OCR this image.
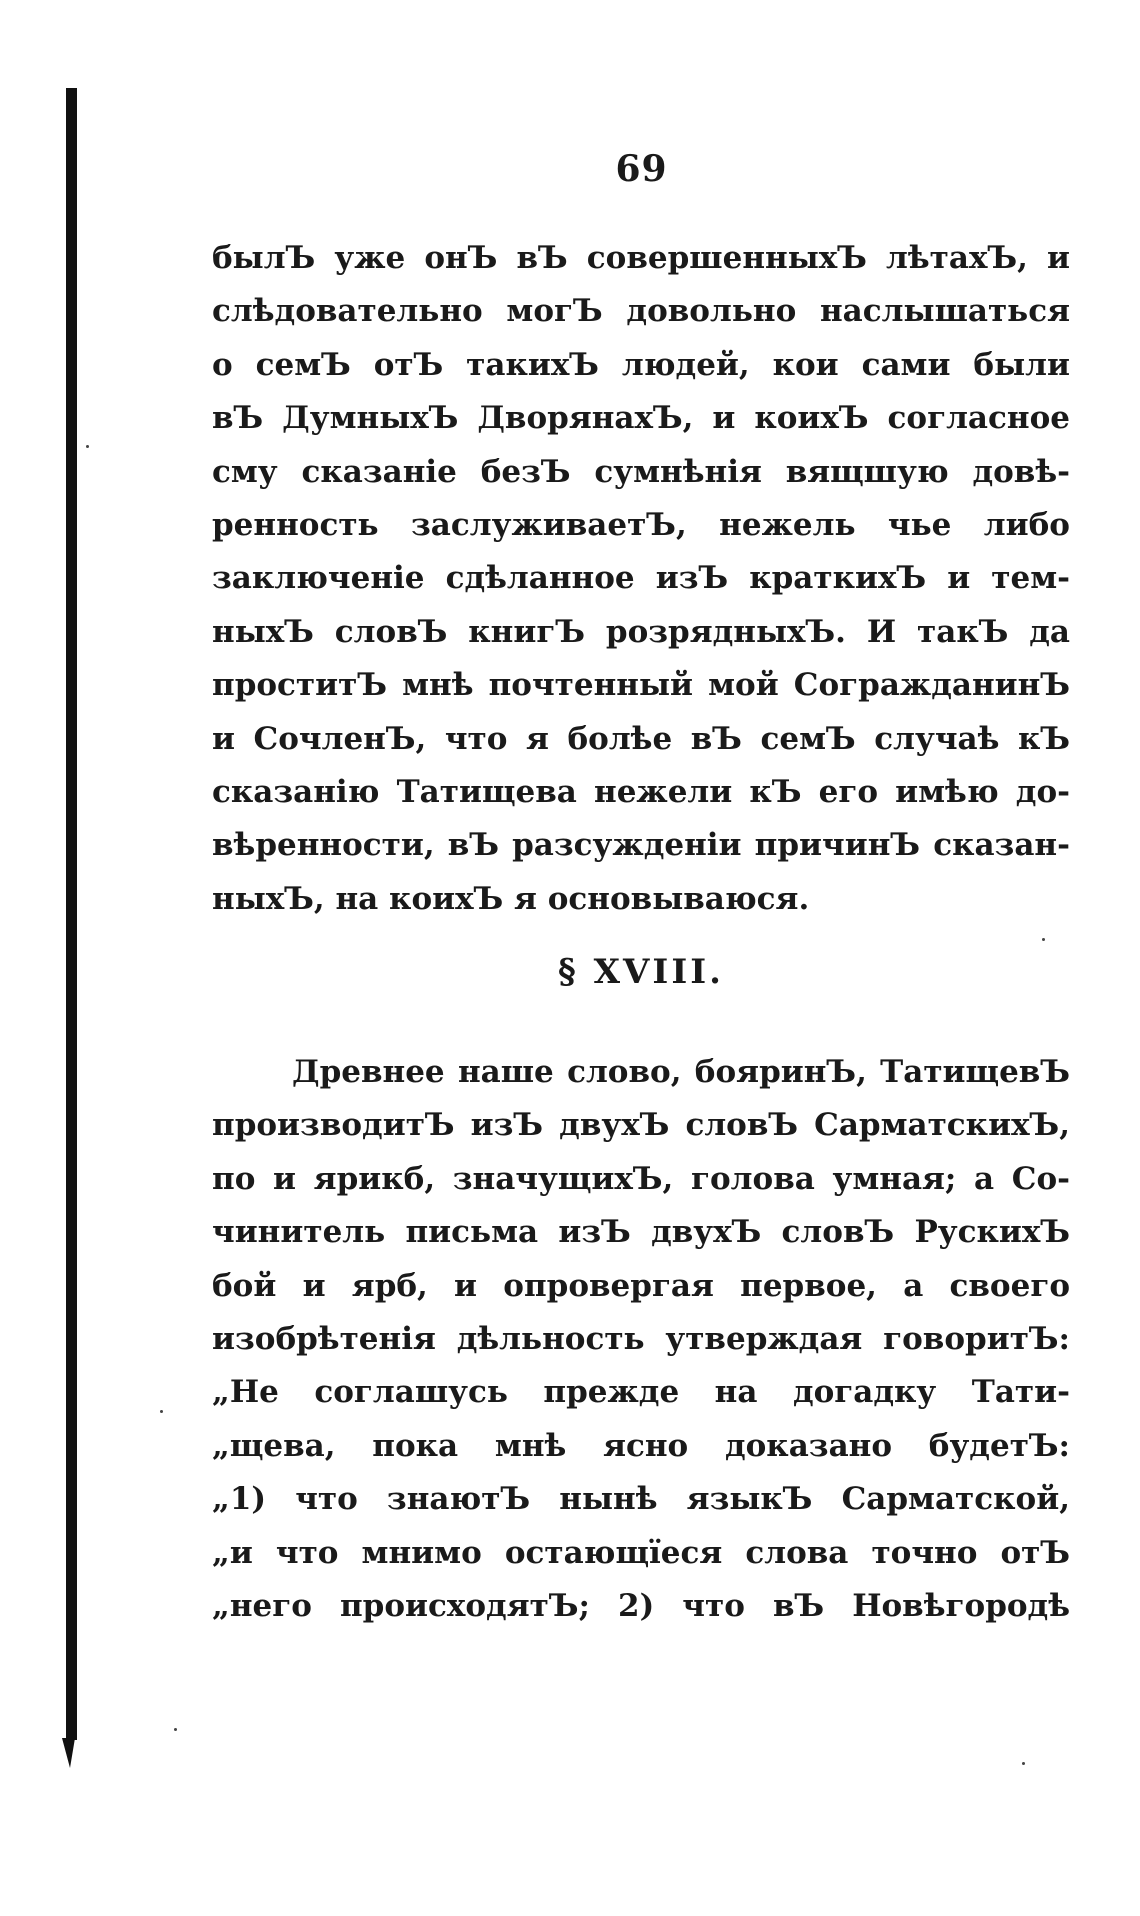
69
былЪ уже онЪ вЪ совершенныхЪ лѣтахЪ, и
слѣдовательно могЪ довольно наслышаться
о семЪ отЪ такихЪ людей, кои сами были
вЪ ДумныхЪ ДворянахЪ, и коихЪ согласное
сму сказаніе безЪ сумнѣнія вящшую довѣ-
ренность заслуживаетЪ, нежель чье либо
заключеніе сдѣланное изЪ краткихЪ и тем-
ныхЪ словЪ книгЪ розрядныхЪ. И такЪ да
проститЪ мнѣ почтенный мой СогражданинЪ
и СочленЪ, что я болѣе вЪ семЪ случаѣ кЪ
сказанію Татищева нежели кЪ его имѣю до-
вѣренности, вЪ разсужденіи причинЪ сказан-
ныхЪ, на коихЪ я основываюся.
§ XVIII.
Древнее наше слово, бояринЪ, ТатищевЪ
производитЪ изЪ двухЪ словЪ СарматскихЪ,
по и ярикб, значущихЪ, голова умная; а Со-
чинитель письма изЪ двухЪ словЪ РускихЪ
бой и ярб, и опровергая первое, а своего
изобрѣтенія дѣльность утверждая говоритЪ:
„Не соглашусь прежде на догадку Тати-
„щева, пока мнѣ ясно доказано будетЪ:
„1) что знаютЪ нынѣ языкЪ Сарматской,
„и что мнимо остающїеся слова точно отЪ
„него происходятЪ; 2) что вЪ Новѣгородѣ
